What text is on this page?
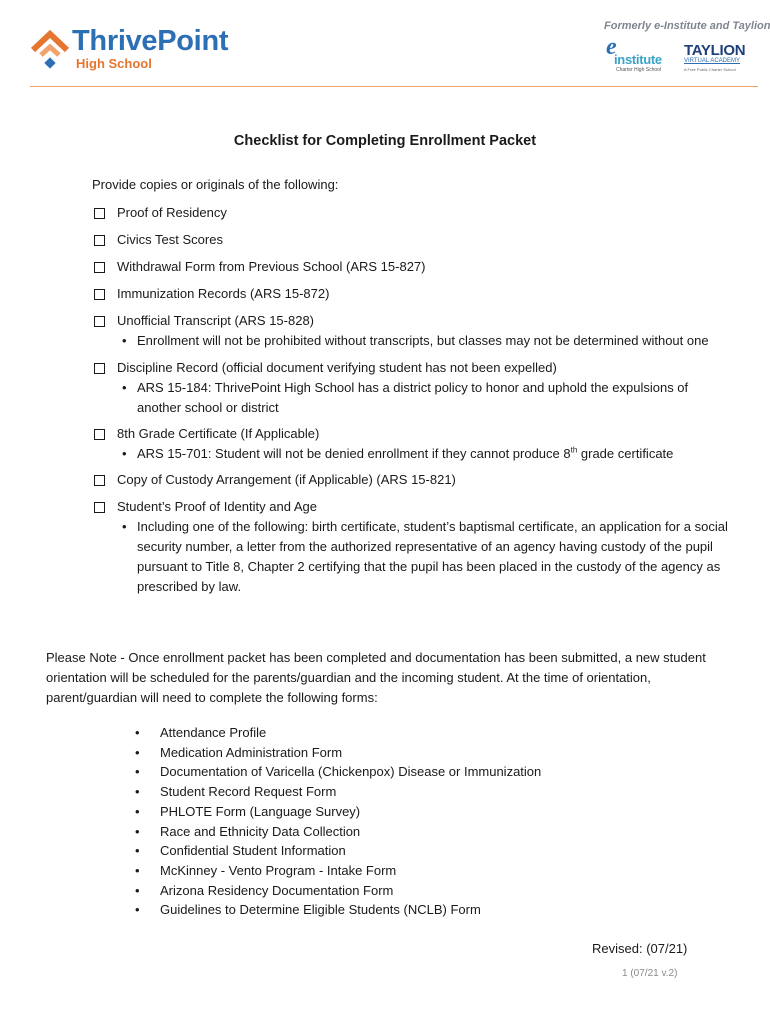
ThrivePoint
High School
Formerly e-Institute and Taylion
e
institute
Charter High School
TAYLION
VIRTUAL ACADEMY
A Free Public Charter School
Checklist for Completing Enrollment Packet
Provide copies or originals of the following:
Proof of Residency
Civics Test Scores
Withdrawal Form from Previous School (ARS 15-827)
Immunization Records (ARS 15-872)
Unofficial Transcript (ARS 15-828)
• Enrollment will not be prohibited without transcripts, but classes may not be determined without one
Discipline Record (official document verifying student has not been expelled)
• ARS 15-184: ThrivePoint High School has a district policy to honor and uphold the expulsions of another school or district
8th Grade Certificate (If Applicable)
• ARS 15-701: Student will not be denied enrollment if they cannot produce 8th grade certificate
Copy of Custody Arrangement (if Applicable) (ARS 15-821)
Student’s Proof of Identity and Age
• Including one of the following: birth certificate, student’s baptismal certificate, an application for a social security number, a letter from the authorized representative of an agency having custody of the pupil pursuant to Title 8, Chapter 2 certifying that the pupil has been placed in the custody of the agency as prescribed by law.
Please Note - Once enrollment packet has been completed and documentation has been submitted, a new student orientation will be scheduled for the parents/guardian and the incoming student. At the time of orientation, parent/guardian will need to complete the following forms:
• Attendance Profile
• Medication Administration Form
• Documentation of Varicella (Chickenpox) Disease or Immunization
• Student Record Request Form
• PHLOTE Form (Language Survey)
• Race and Ethnicity Data Collection
• Confidential Student Information
• McKinney - Vento Program - Intake Form
• Arizona Residency Documentation Form
• Guidelines to Determine Eligible Students (NCLB) Form
Revised: (07/21)
1 (07/21 v.2)
